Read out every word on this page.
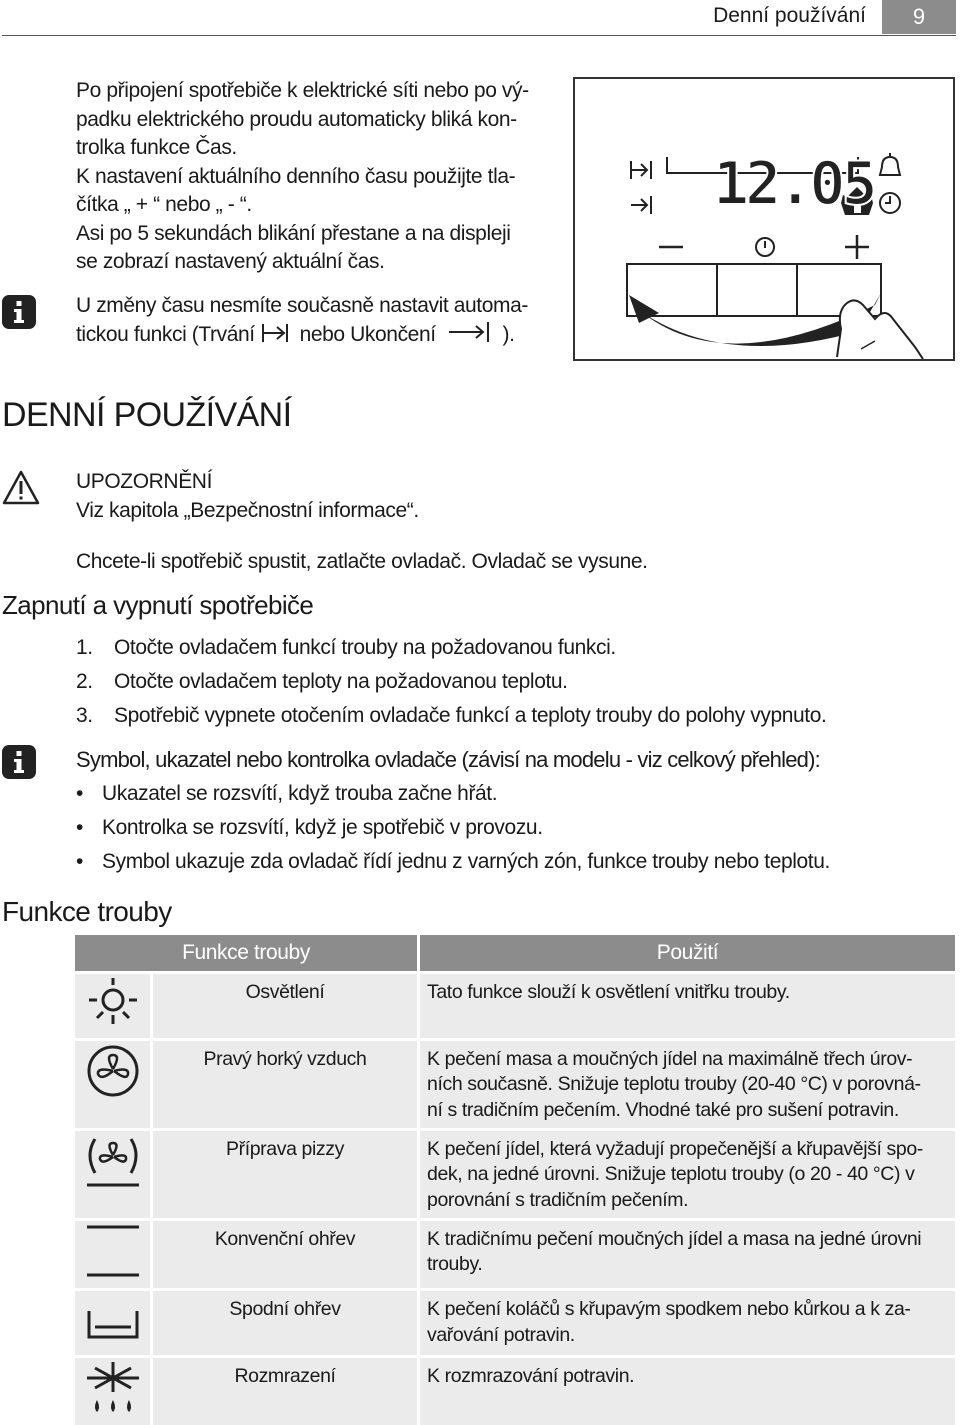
Denní používání	9
Po připojení spotřebiče k elektrické síti nebo po vý-
padku elektrického proudu automaticky bliká kon-
trolka funkce Čas.
K nastavení aktuálního denního času použijte tla-
čítka „ + “ nebo „ - “.
Asi po 5 sekundách blikání přestane a na displeji
se zobrazí nastavený aktuální čas.
U změny času nesmíte současně nastavit automa-
tickou funkci (Trvání nebo Ukončení	).
12.05
DENNÍ POUŽÍVÁNÍ
UPOZORNĚNÍ
Viz kapitola „Bezpečnostní informace“.
Chcete-li spotřebič spustit, zatlačte ovladač. Ovladač se vysune.
Zapnutí a vypnutí spotřebiče
1. Otočte ovladačem funkcí trouby na požadovanou funkci.
2. Otočte ovladačem teploty na požadovanou teplotu.
3. Spotřebič vypnete otočením ovladače funkcí a teploty trouby do polohy vypnuto.
Symbol, ukazatel nebo kontrolka ovladače (závisí na modelu - viz celkový přehled):
• Ukazatel se rozsvítí, když trouba začne hřát.
• Kontrolka se rozsvítí, když je spotřebič v provozu.
• Symbol ukazuje zda ovladač řídí jednu z varných zón, funkce trouby nebo teplotu.
Funkce trouby
Funkce trouby		Použití
	Osvětlení	Tato funkce slouží k osvětlení vnitřku trouby.

	Pravý horký vzduch	K pečení masa a moučných jídel na maximálně třech úrov-
ních současně. Snižuje teplotu trouby (20-40 °C) v porovná-
ní s tradičním pečením. Vhodné také pro sušení potravin.

	Příprava pizzy	K pečení jídel, která vyžadují propečenější a křupavější spo-
dek, na jedné úrovni. Snižuje teplotu trouby (o 20 - 40 °C) v
porovnání s tradičním pečením.

	Konvenční ohřev	K tradičnímu pečení moučných jídel a masa na jedné úrovni
trouby.

	Spodní ohřev	K pečení koláčů s křupavým spodkem nebo kůrkou a k za-
vařování potravin.

	Rozmrazení	K rozmrazování potravin.
